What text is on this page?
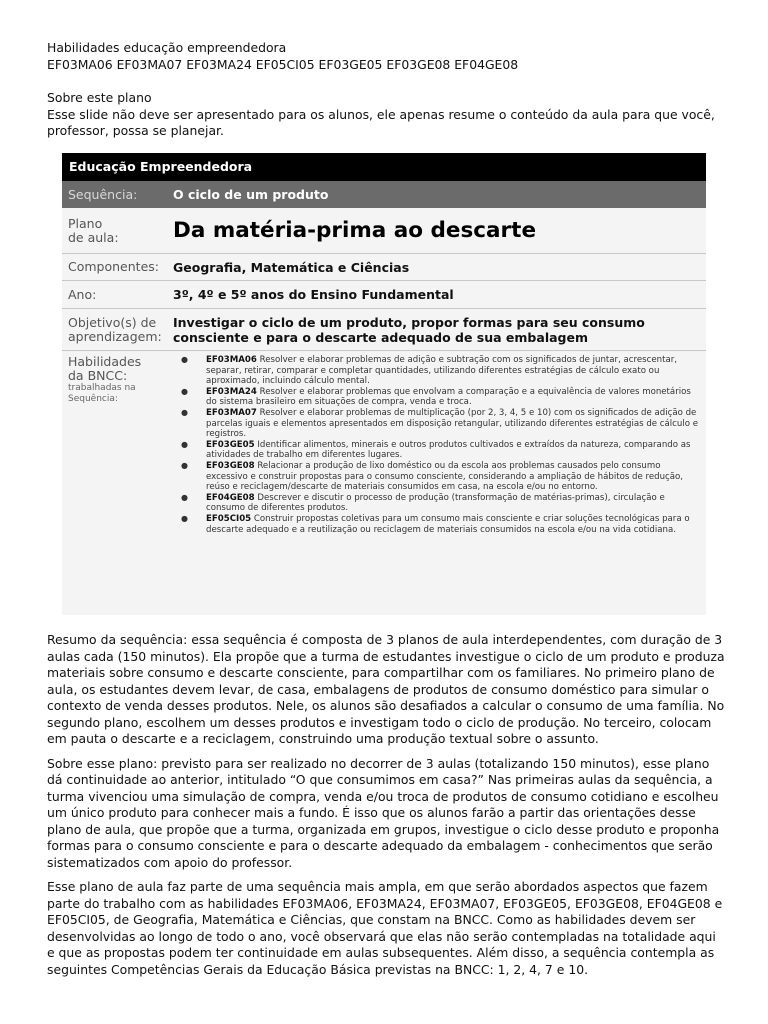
Habilidades educação empreendedora

EF03MA06 EF03MA07 EF03MA24 EF05CI05 EF03GE05 EF03GE08 EF04GE08

Sobre este plano

Esse slide não deve ser apresentado para os alunos, ele apenas resume o conteúdo da aula para que você, professor, possa se planejar.

Educação Empreendedora
Sequência:	O ciclo de um produto
Plano
de aula:	Da matéria-prima ao descarte
Componentes:	Geografia, Matemática e Ciências
Ano:	3º, 4º e 5º anos do Ensino Fundamental
Objetivo(s) de
aprendizagem:
Investigar o ciclo de um produto, propor formas para seu consumo consciente e para o descarte adequado de sua embalagem
Habilidades
da BNCC:
trabalhadas na
Sequência:
● EF03MA06 Resolver e elaborar problemas de adição e subtração com os significados de juntar, acrescentar, separar, retirar, comparar e completar quantidades, utilizando diferentes estratégias de cálculo exato ou aproximado, incluindo cálculo mental.
● EF03MA24 Resolver e elaborar problemas que envolvam a comparação e a equivalência de valores monetários do sistema brasileiro em situações de compra, venda e troca.
● EF03MA07 Resolver e elaborar problemas de multiplicação (por 2, 3, 4, 5 e 10) com os significados de adição de parcelas iguais e elementos apresentados em disposição retangular, utilizando diferentes estratégias de cálculo e registros.
● EF03GE05 Identificar alimentos, minerais e outros produtos cultivados e extraídos da natureza, comparando as atividades de trabalho em diferentes lugares.
● EF03GE08 Relacionar a produção de lixo doméstico ou da escola aos problemas causados pelo consumo excessivo e construir propostas para o consumo consciente, considerando a ampliação de hábitos de redução, reúso e reciclagem/descarte de materiais consumidos em casa, na escola e/ou no entorno.
● EF04GE08 Descrever e discutir o processo de produção (transformação de matérias-primas), circulação e consumo de diferentes produtos.
● EF05CI05 Construir propostas coletivas para um consumo mais consciente e criar soluções tecnológicas para o descarte adequado e a reutilização ou reciclagem de materiais consumidos na escola e/ou na vida cotidiana.

Resumo da sequência: essa sequência é composta de 3 planos de aula interdependentes, com duração de 3 aulas cada (150 minutos). Ela propõe que a turma de estudantes investigue o ciclo de um produto e produza materiais sobre consumo e descarte consciente, para compartilhar com os familiares. No primeiro plano de aula, os estudantes devem levar, de casa, embalagens de produtos de consumo doméstico para simular o contexto de venda desses produtos. Nele, os alunos são desafiados a calcular o consumo de uma família. No segundo plano, escolhem um desses produtos e investigam todo o ciclo de produção. No terceiro, colocam em pauta o descarte e a reciclagem, construindo uma produção textual sobre o assunto.

Sobre esse plano: previsto para ser realizado no decorrer de 3 aulas (totalizando 150 minutos), esse plano dá continuidade ao anterior, intitulado “O que consumimos em casa?” Nas primeiras aulas da sequência, a turma vivenciou uma simulação de compra, venda e/ou troca de produtos de consumo cotidiano e escolheu um único produto para conhecer mais a fundo. É isso que os alunos farão a partir das orientações desse plano de aula, que propõe que a turma, organizada em grupos, investigue o ciclo desse produto e proponha formas para o consumo consciente e para o descarte adequado da embalagem - conhecimentos que serão sistematizados com apoio do professor.

Esse plano de aula faz parte de uma sequência mais ampla, em que serão abordados aspectos que fazem parte do trabalho com as habilidades EF03MA06, EF03MA24, EF03MA07, EF03GE05, EF03GE08, EF04GE08 e EF05CI05, de Geografia, Matemática e Ciências, que constam na BNCC. Como as habilidades devem ser desenvolvidas ao longo de todo o ano, você observará que elas não serão contempladas na totalidade aqui e que as propostas podem ter continuidade em aulas subsequentes. Além disso, a sequência contempla as seguintes Competências Gerais da Educação Básica previstas na BNCC: 1, 2, 4, 7 e 10.
